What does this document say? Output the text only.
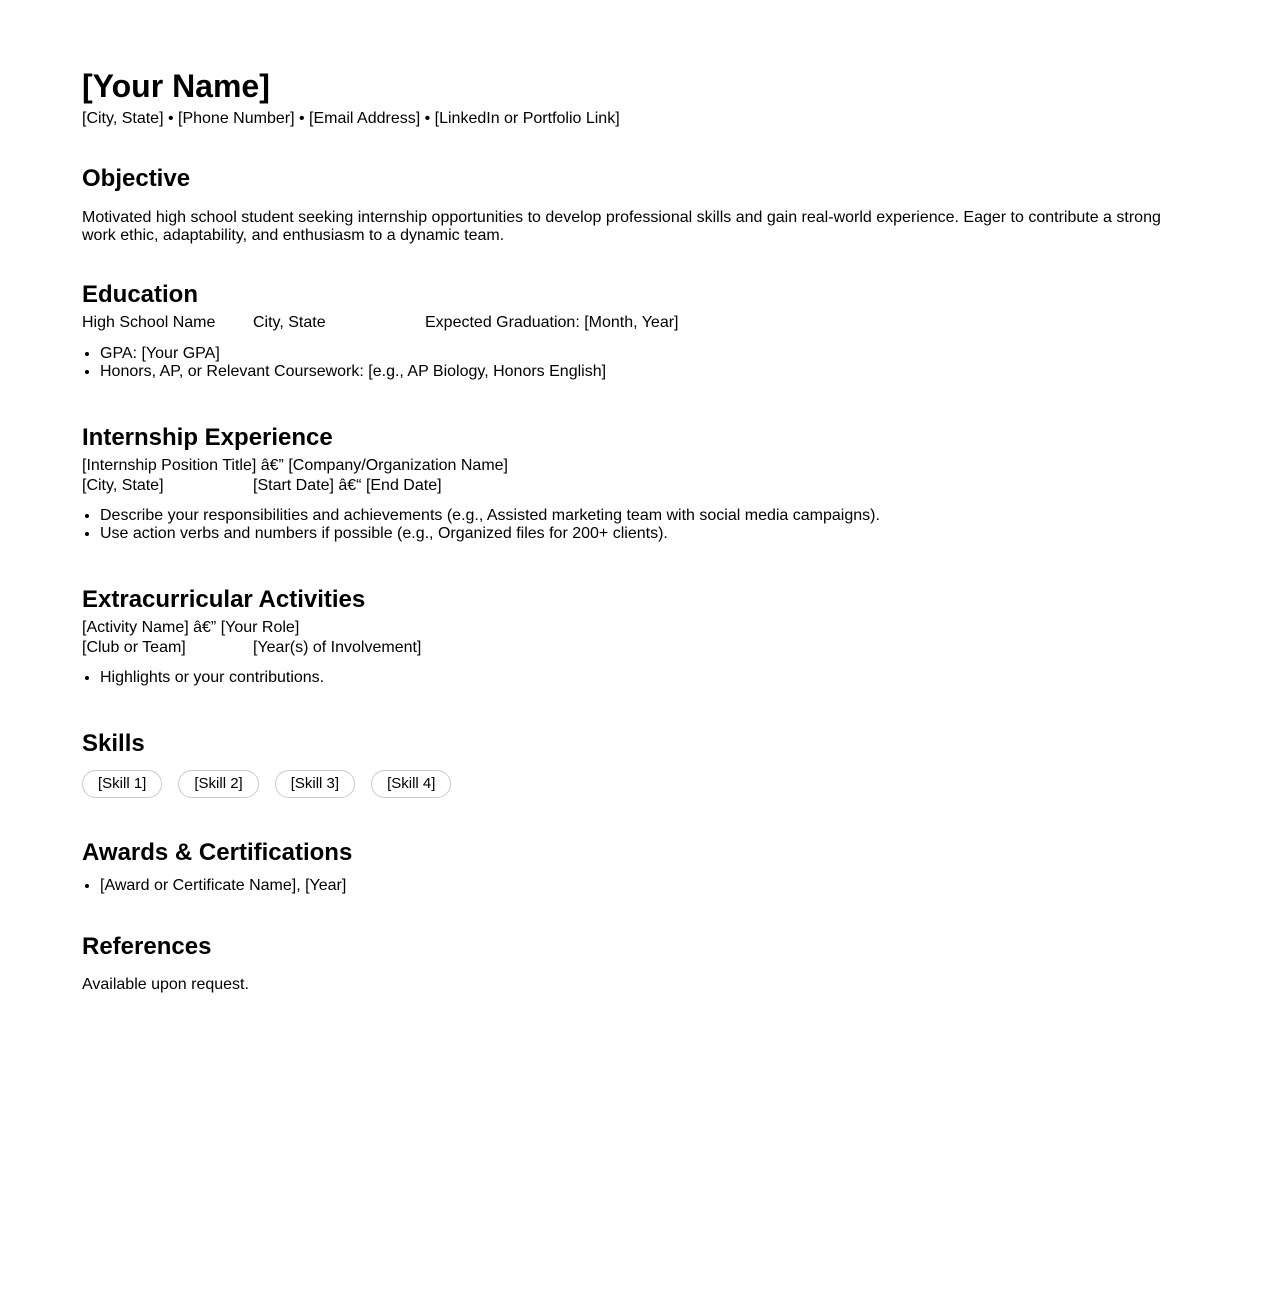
[Your Name]
[City, State] • [Phone Number] • [Email Address] • [LinkedIn or Portfolio Link]
Objective

Motivated high school student seeking internship opportunities to develop professional skills and gain real-world experience. Eager to contribute a strong work ethic, adaptability, and enthusiasm to a dynamic team.

Education
High School Name	City, State	Expected Graduation: [Month, Year]
• GPA: [Your GPA]
• Honors, AP, or Relevant Coursework: [e.g., AP Biology, Honors English]
Internship Experience
[Internship Position Title] â€” [Company/Organization Name]
[City, State]	[Start Date] â€“ [End Date]
• Describe your responsibilities and achievements (e.g., Assisted marketing team with social media campaigns).
• Use action verbs and numbers if possible (e.g., Organized files for 200+ clients).
Extracurricular Activities
[Activity Name] â€” [Your Role]
[Club or Team]	[Year(s) of Involvement]
• Highlights or your contributions.
Skills
[Skill 1]	[Skill 2]	[Skill 3]	[Skill 4]
Awards & Certifications
• [Award or Certificate Name], [Year]
References

Available upon request.
